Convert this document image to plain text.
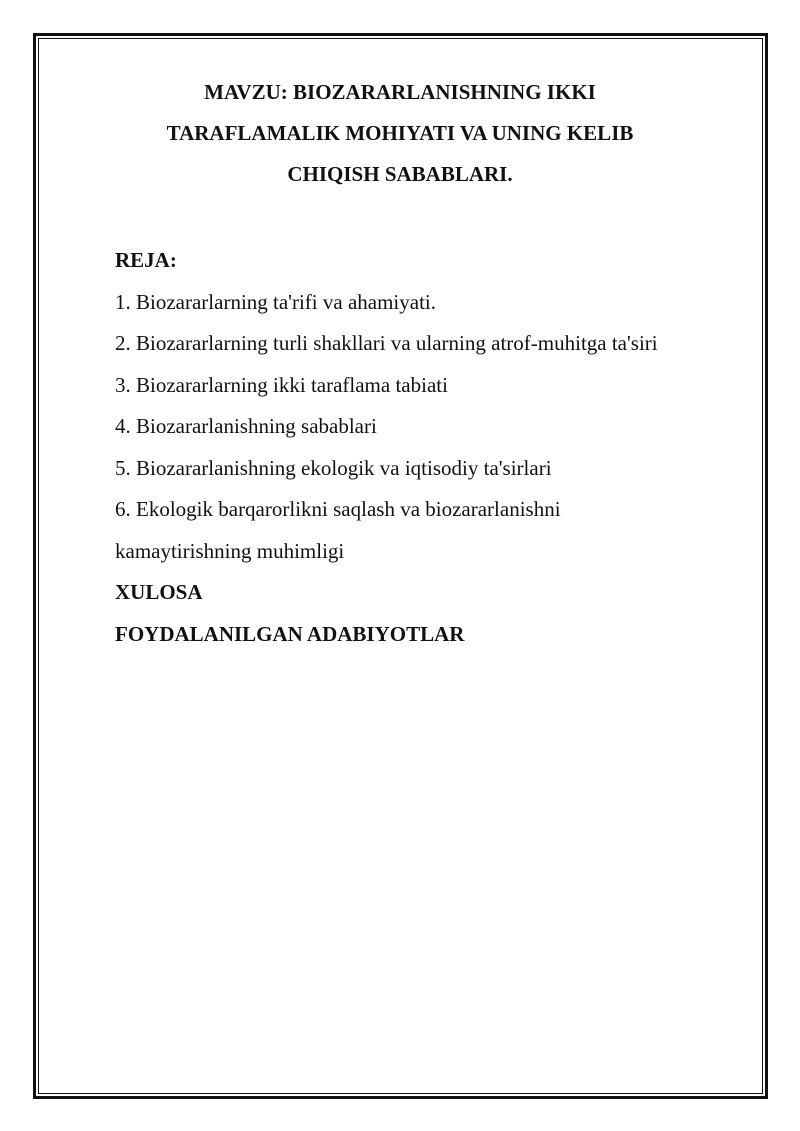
MAVZU: BIOZARARLANISHNING IKKI
TARAFLAMALIK MOHIYATI VA UNING KELIB
CHIQISH SABABLARI.

REJA:

1. Biozararlarning ta'rifi va ahamiyati.

2. Biozararlarning turli shakllari va ularning atrof-muhitga ta'siri

3. Biozararlarning ikki taraflama tabiati

4. Biozararlanishning sabablari

5. Biozararlanishning ekologik va iqtisodiy ta'sirlari

6. Ekologik barqarorlikni saqlash va biozararlanishni

kamaytirishning muhimligi

XULOSA

FOYDALANILGAN ADABIYOTLAR
